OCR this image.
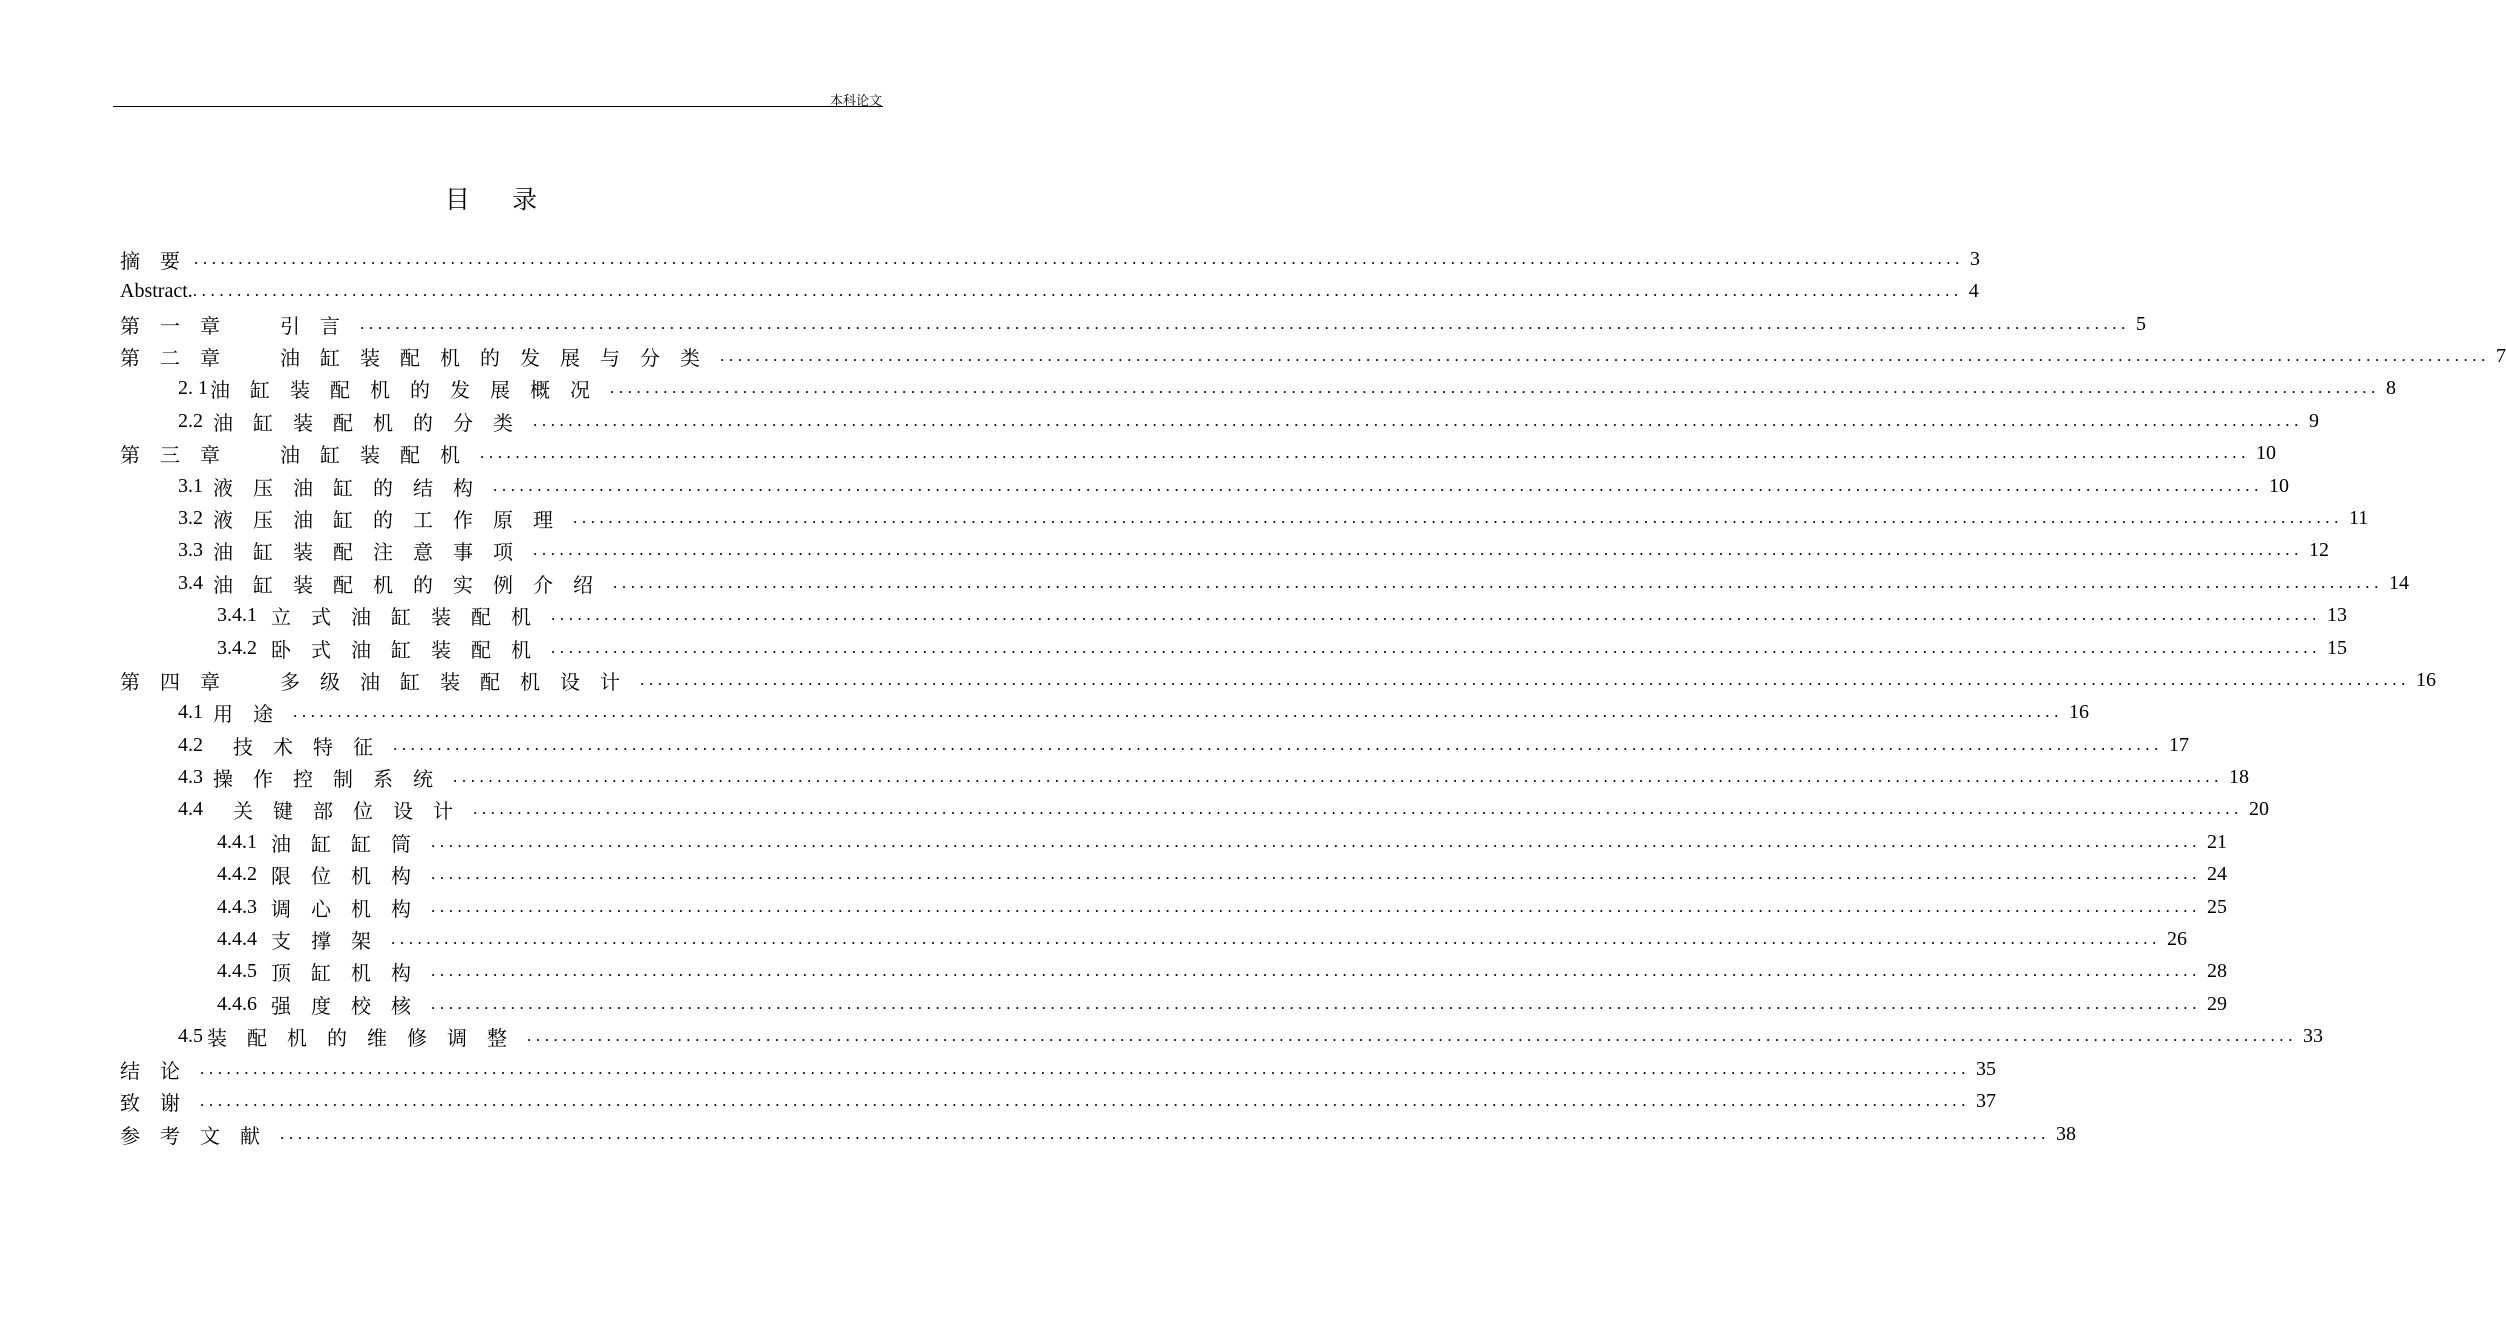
本科论文
目 录
摘　要 ........................................................................................................................................................................................................ 3
Abstract. ........................................................................................................................................................................................................ 4
第一章　引言 ........................................................................................................................................................................................................ 5
第二章　油缸装配机的发展与分类 ........................................................................................................................................................................................................ 7
2. 1 油缸装配机的发展概况 ........................................................................................................................................................................................................ 8
2.2 油缸装配机的分类 ........................................................................................................................................................................................................ 9
第三章　油缸装配机 ........................................................................................................................................................................................................ 10
3.1 液压油缸的结构 ........................................................................................................................................................................................................ 10
3.2 液压油缸的工作原理 ........................................................................................................................................................................................................ 11
3.3 油缸装配注意事项 ........................................................................................................................................................................................................ 12
3.4 油缸装配机的实例介绍 ........................................................................................................................................................................................................ 14
3.4.1 立式油缸装配机 ........................................................................................................................................................................................................ 13
3.4.2 卧式油缸装配机 ........................................................................................................................................................................................................ 15
第四章　多级油缸装配机设计 ........................................................................................................................................................................................................ 16
4.1 用途 ........................................................................................................................................................................................................ 16
4.2 技术特征 ........................................................................................................................................................................................................ 17
4.3 操作控制系统 ........................................................................................................................................................................................................ 18
4.4 关键部位设计 ........................................................................................................................................................................................................ 20
4.4.1 油缸缸筒 ........................................................................................................................................................................................................ 21
4.4.2 限位机构 ........................................................................................................................................................................................................ 24
4.4.3 调心机构 ........................................................................................................................................................................................................ 25
4.4.4 支撑架 ........................................................................................................................................................................................................ 26
4.4.5 顶缸机构 ........................................................................................................................................................................................................ 28
4.4.6 强度校核 ........................................................................................................................................................................................................ 29
4.5 装配机的维修调整 ........................................................................................................................................................................................................ 33
结论 ........................................................................................................................................................................................................ 35
致谢 ........................................................................................................................................................................................................ 37
参考文献 ........................................................................................................................................................................................................ 38
